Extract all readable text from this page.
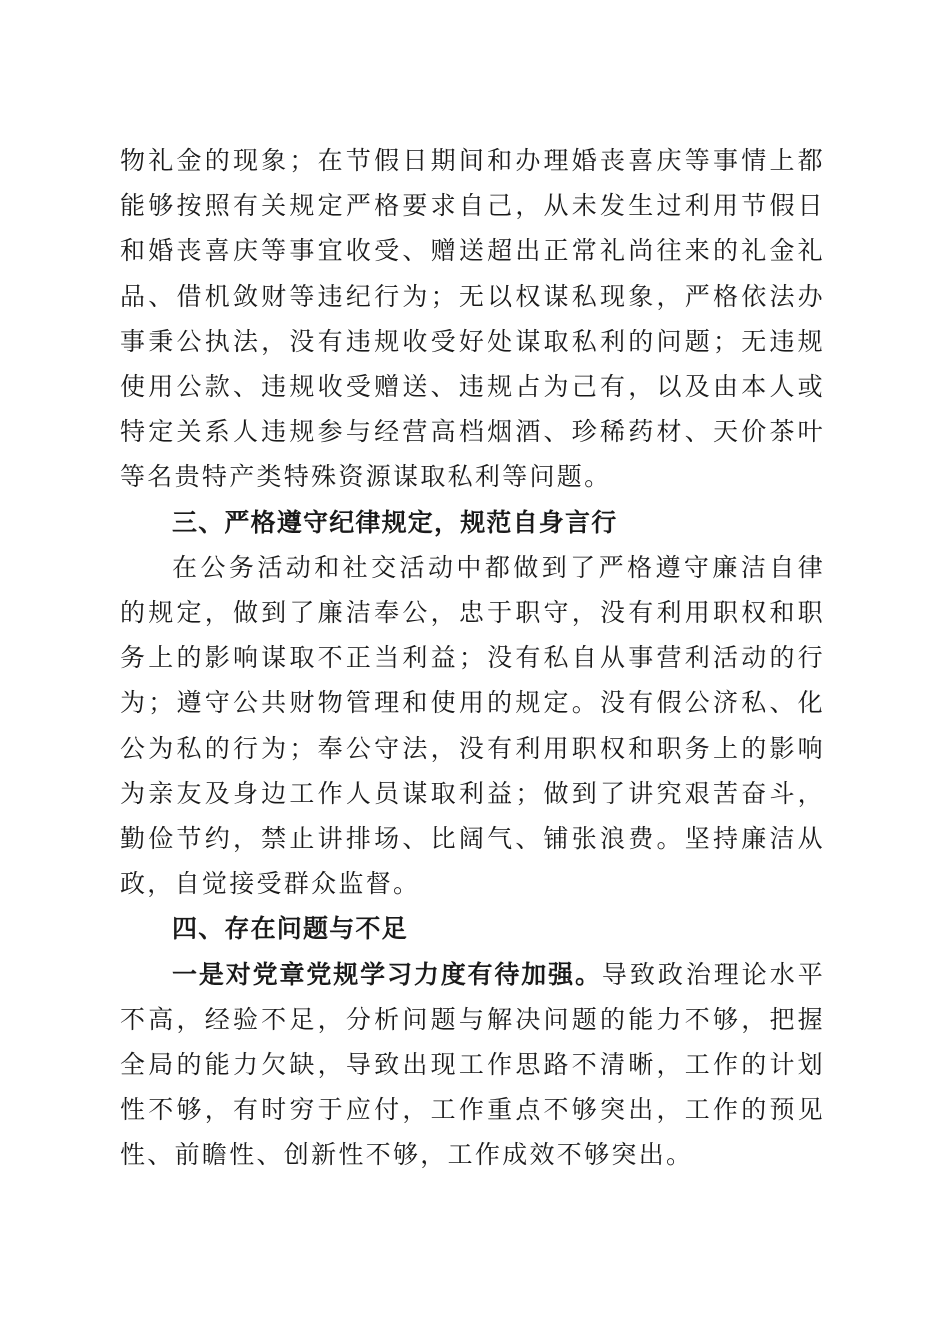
物礼金的现象；在节假日期间和办理婚丧喜庆等事情上都能够按照有关规定严格要求自己，从未发生过利用节假日和婚丧喜庆等事宜收受、赠送超出正常礼尚往来的礼金礼品、借机敛财等违纪行为；无以权谋私现象，严格依法办事秉公执法，没有违规收受好处谋取私利的问题；无违规使用公款、违规收受赠送、违规占为己有，以及由本人或特定关系人违规参与经营高档烟酒、珍稀药材、天价茶叶等名贵特产类特殊资源谋取私利等问题。

三、严格遵守纪律规定，规范自身言行

在公务活动和社交活动中都做到了严格遵守廉洁自律的规定，做到了廉洁奉公，忠于职守，没有利用职权和职务上的影响谋取不正当利益；没有私自从事营利活动的行为；遵守公共财物管理和使用的规定。没有假公济私、化公为私的行为；奉公守法，没有利用职权和职务上的影响为亲友及身边工作人员谋取利益；做到了讲究艰苦奋斗，勤俭节约，禁止讲排场、比阔气、铺张浪费。坚持廉洁从政，自觉接受群众监督。

四、存在问题与不足

一是对党章党规学习力度有待加强。导致政治理论水平不高，经验不足，分析问题与解决问题的能力不够，把握全局的能力欠缺，导致出现工作思路不清晰，工作的计划性不够，有时穷于应付，工作重点不够突出，工作的预见性、前瞻性、创新性不够，工作成效不够突出。
